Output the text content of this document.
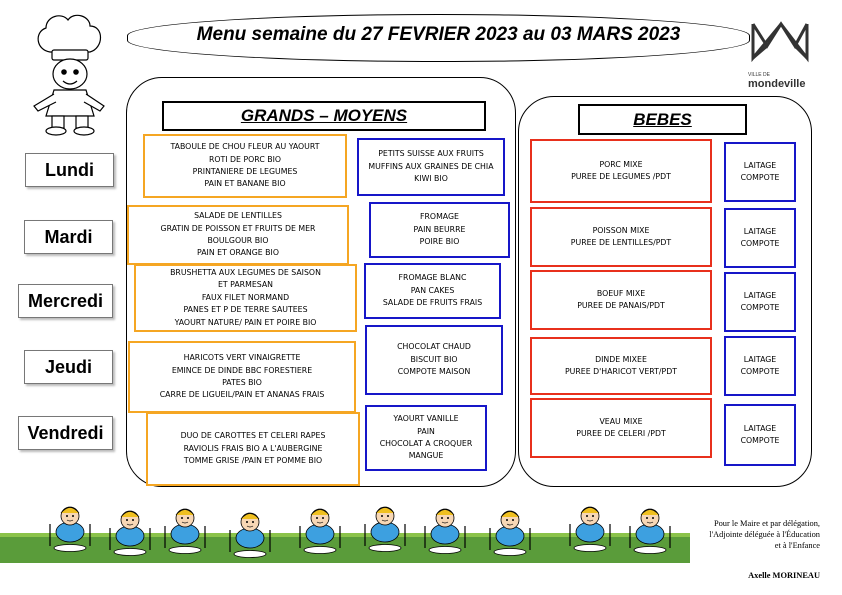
Menu semaine du 27 FEVRIER 2023 au 03 MARS 2023
VILLE DE
mondeville
GRANDS – MOYENS	BEBES
Lundi
Mardi
Mercredi
Jeudi
Vendredi
TABOULE DE CHOU FLEUR AU YAOURT
ROTI DE PORC BIO
PRINTANIERE DE LEGUMES
PAIN ET BANANE BIO
PETITS SUISSE AUX FRUITS
MUFFINS AUX GRAINES DE CHIA
KIWI BIO
PORC MIXE
PUREE DE LEGUMES /PDT
LAITAGE
COMPOTE
SALADE DE LENTILLES
GRATIN DE POISSON ET FRUITS DE MER
BOULGOUR BIO
PAIN ET ORANGE BIO
FROMAGE
PAIN BEURRE
POIRE BIO
POISSON MIXE
PUREE DE LENTILLES/PDT
LAITAGE
COMPOTE
BRUSHETTA AUX LEGUMES DE SAISON
ET PARMESAN
FAUX FILET NORMAND
PANES ET P DE TERRE SAUTEES
YAOURT NATURE/ PAIN ET POIRE BIO
FROMAGE BLANC
PAN CAKES
SALADE DE FRUITS FRAIS
BOEUF MIXE
PUREE DE PANAIS/PDT
LAITAGE
COMPOTE
HARICOTS VERT VINAIGRETTE
EMINCE DE DINDE BBC FORESTIERE
PATES BIO
CARRE DE LIGUEIL/PAIN ET ANANAS FRAIS
CHOCOLAT CHAUD
BISCUIT BIO
COMPOTE MAISON
DINDE MIXEE
PUREE D'HARICOT VERT/PDT
LAITAGE
COMPOTE
DUO DE CAROTTES ET CELERI RAPES
RAVIOLIS FRAIS BIO A L'AUBERGINE
TOMME GRISE /PAIN ET POMME BIO
YAOURT VANILLE
PAIN
CHOCOLAT A CROQUER
MANGUE
VEAU MIXE
PUREE DE CELERI /PDT
LAITAGE
COMPOTE
Pour le Maire et par délégation,
l'Adjointe déléguée à l'Éducation
et à l'Enfance
Axelle MORINEAU
